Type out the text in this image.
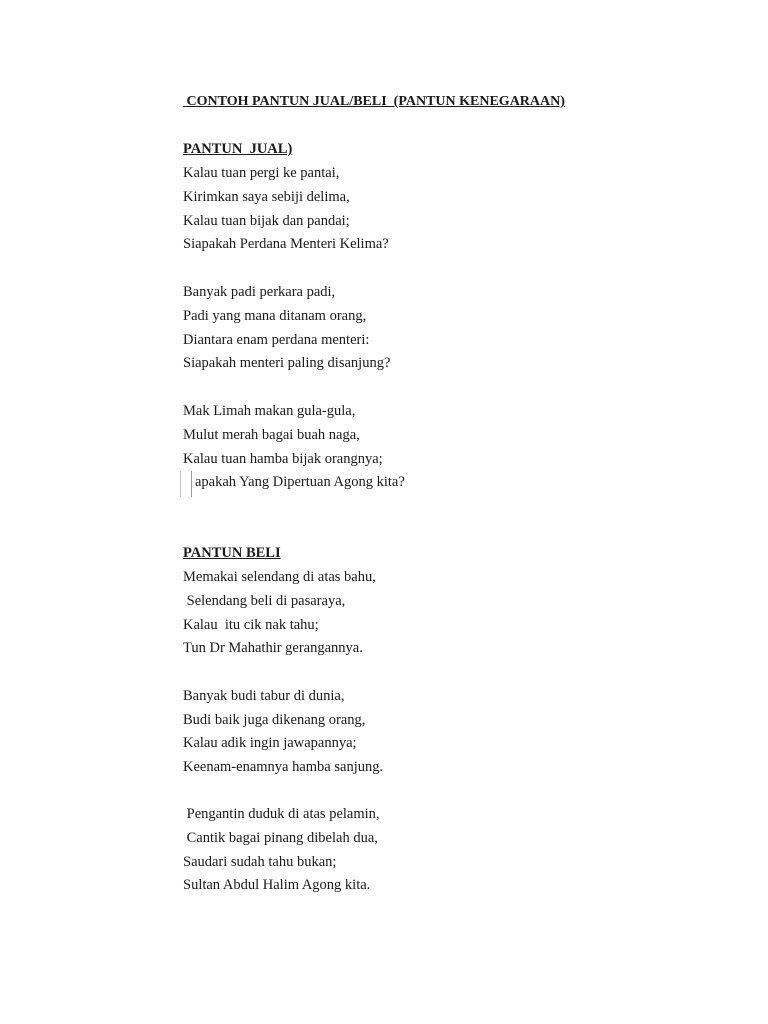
CONTOH PANTUN JUAL/BELI  (PANTUN KENEGARAAN)
PANTUN  JUAL)
Kalau tuan pergi ke pantai,
Kirimkan saya sebiji delima,
Kalau tuan bijak dan pandai;
Siapakah Perdana Menteri Kelima?
Banyak padi perkara padi,
Padi yang mana ditanam orang,
Diantara enam perdana menteri:
Siapakah menteri paling disanjung?
Mak Limah makan gula-gula,
Mulut merah bagai buah naga,
Kalau tuan hamba bijak orangnya;
apakah Yang Dipertuan Agong kita?
PANTUN BELI
Memakai selendang di atas bahu,
Selendang beli di pasaraya,
Kalau  itu cik nak tahu;
Tun Dr Mahathir gerangannya.
Banyak budi tabur di dunia,
Budi baik juga dikenang orang,
Kalau adik ingin jawapannya;
Keenam-enamnya hamba sanjung.
Pengantin duduk di atas pelamin,
Cantik bagai pinang dibelah dua,
Saudari sudah tahu bukan;
Sultan Abdul Halim Agong kita.
